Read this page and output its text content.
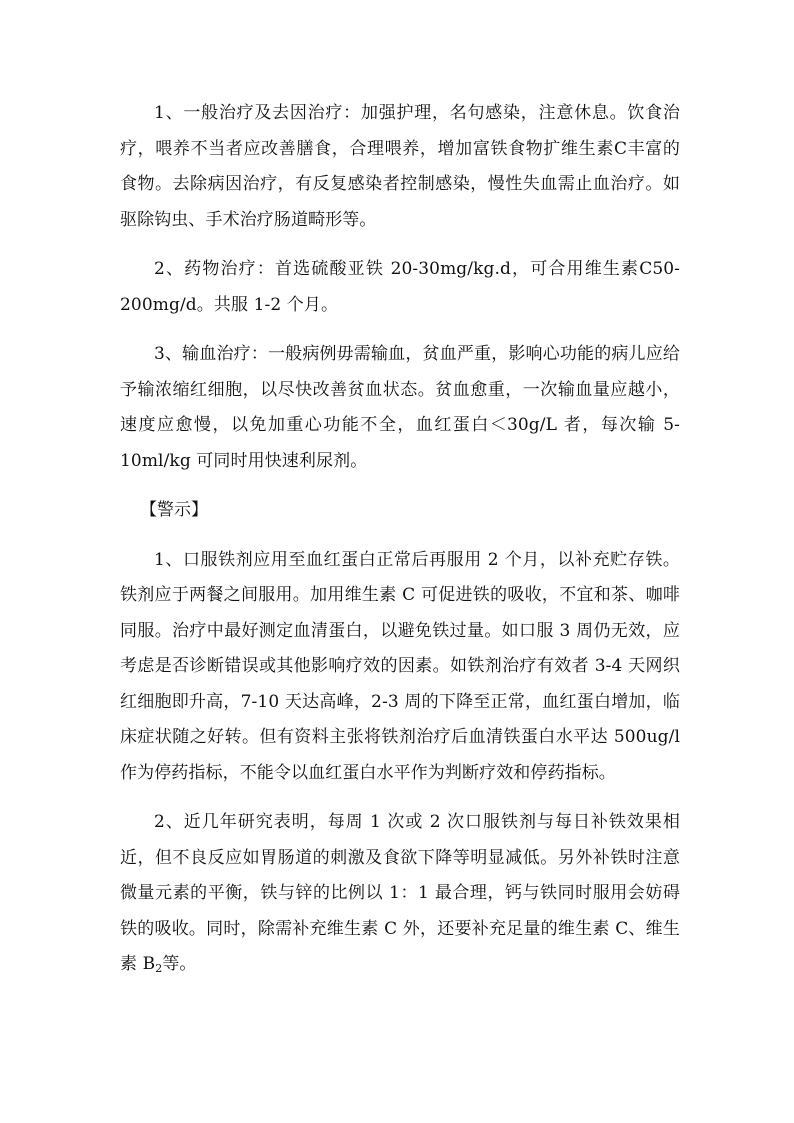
1、一般治疗及去因治疗：加强护理，名句感染，注意休息。饮食治疗，喂养不当者应改善膳食，合理喂养，增加富铁食物扩维生素C丰富的食物。去除病因治疗，有反复感染者控制感染，慢性失血需止血治疗。如驱除钩虫、手术治疗肠道畸形等。

2、药物治疗：首选硫酸亚铁 20-30mg/kg.d，可合用维生素C50-200mg/d。共服 1-2 个月。

3、输血治疗：一般病例毋需输血，贫血严重，影响心功能的病儿应给予输浓缩红细胞，以尽快改善贫血状态。贫血愈重，一次输血量应越小，速度应愈慢，以免加重心功能不全，血红蛋白＜30g/L 者，每次输 5-10ml/kg 可同时用快速利尿剂。

【警示】

1、口服铁剂应用至血红蛋白正常后再服用 2 个月，以补充贮存铁。铁剂应于两餐之间服用。加用维生素 C 可促进铁的吸收，不宜和茶、咖啡同服。治疗中最好测定血清蛋白，以避免铁过量。如口服 3 周仍无效，应考虑是否诊断错误或其他影响疗效的因素。如铁剂治疗有效者 3-4 天网织红细胞即升高，7-10 天达高峰，2-3 周的下降至正常，血红蛋白增加，临床症状随之好转。但有资料主张将铁剂治疗后血清铁蛋白水平达 500ug/l 作为停药指标，不能令以血红蛋白水平作为判断疗效和停药指标。

2、近几年研究表明，每周 1 次或 2 次口服铁剂与每日补铁效果相近，但不良反应如胃肠道的刺激及食欲下降等明显减低。另外补铁时注意微量元素的平衡，铁与锌的比例以 1：1 最合理，钙与铁同时服用会妨碍铁的吸收。同时，除需补充维生素 C 外，还要补充足量的维生素 C、维生素 $B_2$等。
